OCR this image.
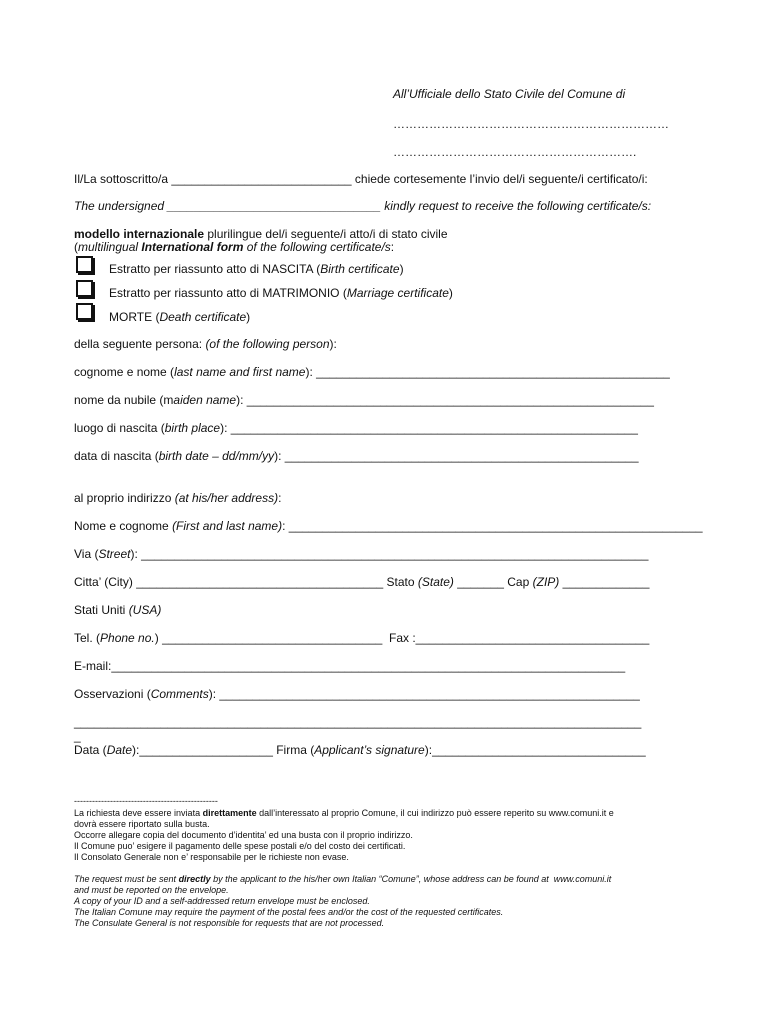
All’Ufficiale dello Stato Civile del Comune di
……………………………………………………………
…………………………………………………….
Il/La sottoscritto/a ___________________________ chiede cortesemente l’invio del/i seguente/i certificato/i:
The undersigned ________________________________ kindly request to receive the following certificate/s:
modello internazionale plurilingue del/i seguente/i atto/i di stato civile
(multilingual International form of the following certificate/s:
Estratto per riassunto atto di NASCITA (Birth certificate)
Estratto per riassunto atto di MATRIMONIO (Marriage certificate)
MORTE (Death certificate)
della seguente persona: (of the following person):
cognome e nome (last name and first name): _____________________________________________________
nome da nubile (maiden name): _____________________________________________________________
luogo di nascita (birth place): _____________________________________________________________
data di nascita (birth date – dd/mm/yy): _____________________________________________________
al proprio indirizzo (at his/her address):
Nome e cognome (First and last name): ______________________________________________________________
Via (Street): ____________________________________________________________________________
Citta’ (City) _____________________________________ Stato (State) _______ Cap (ZIP) _____________
Stati Uniti (USA)
Tel. (Phone no.) _________________________________  Fax :___________________________________
E-mail:_____________________________________________________________________________
Osservazioni (Comments): _______________________________________________________________
_____________________________________________________________________________________
_
Data (Date):____________________ Firma (Applicant’s signature):________________________________
------------------------------------------------
La richiesta deve essere inviata direttamente dall’interessato al proprio Comune, il cui indirizzo può essere reperito su www.comuni.it e
dovrà essere riportato sulla busta.
Occorre allegare copia del documento d’identita’ ed una busta con il proprio indirizzo.
Il Comune puo’ esigere il pagamento delle spese postali e/o del costo dei certificati.
Il Consolato Generale non e’ responsabile per le richieste non evase.
The request must be sent directly by the applicant to the his/her own Italian “Comune”, whose address can be found at  www.comuni.it
and must be reported on the envelope.
A copy of your ID and a self-addressed return envelope must be enclosed.
The Italian Comune may require the payment of the postal fees and/or the cost of the requested certificates.
The Consulate General is not responsible for requests that are not processed.
